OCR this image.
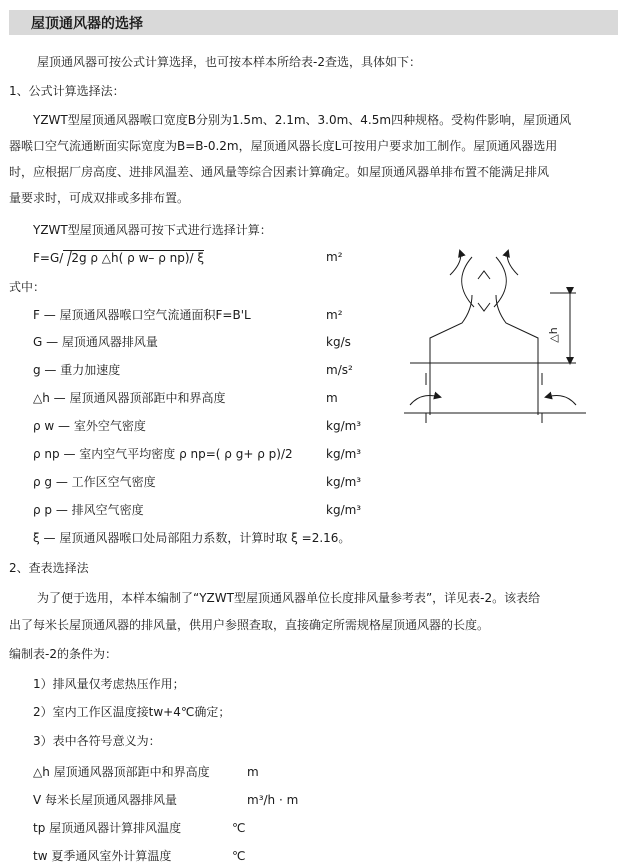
屋顶通风器的选择
屋顶通风器可按公式计算选择，也可按本样本所给表-2查选，具体如下：
1、公式计算选择法：
YZWT型屋顶通风器喉口宽度B分别为1.5m、2.1m、3.0m、4.5m四种规格。受构件影响，屋顶通风
器喉口空气流通断面实际宽度为B=B-0.2m，屋顶通风器长度L可按用户要求加工制作。屋顶通风器选用
时，应根据厂房高度、进排风温差、通风量等综合因素计算确定。如屋顶通风器单排布置不能满足排风
量要求时，可成双排或多排布置。
YZWT型屋顶通风器可按下式进行选择计算：
F=G/ 2g ρ △h( ρ w– ρ np)/ ξ	m²
式中：
F — 屋顶通风器喉口空气流通面积F=B'L	m²
G — 屋顶通风器排风量	kg/s
g — 重力加速度	m/s²
△h — 屋顶通风器顶部距中和界高度	m
ρ w — 室外空气密度	kg/m³
ρ np — 室内空气平均密度 ρ np=( ρ g+ ρ p)/2	kg/m³
ρ g — 工作区空气密度	kg/m³
ρ p — 排风空气密度	kg/m³
ξ — 屋顶通风器喉口处局部阻力系数，计算时取 ξ =2.16。
2、查表选择法
为了便于选用，本样本编制了“YZWT型屋顶通风器单位长度排风量参考表”，详见表-2。该表给
出了每米长屋顶通风器的排风量，供用户参照查取，直接确定所需规格屋顶通风器的长度。
编制表-2的条件为：
1）排风量仅考虑热压作用；
2）室内工作区温度接tw+4℃确定；
3）表中各符号意义为：
△h 屋顶通风器顶部距中和界高度	m
V 每米长屋顶通风器排风量	m³/h · m
tp 屋顶通风器计算排风温度	℃
tw 夏季通风室外计算温度	℃
△h
